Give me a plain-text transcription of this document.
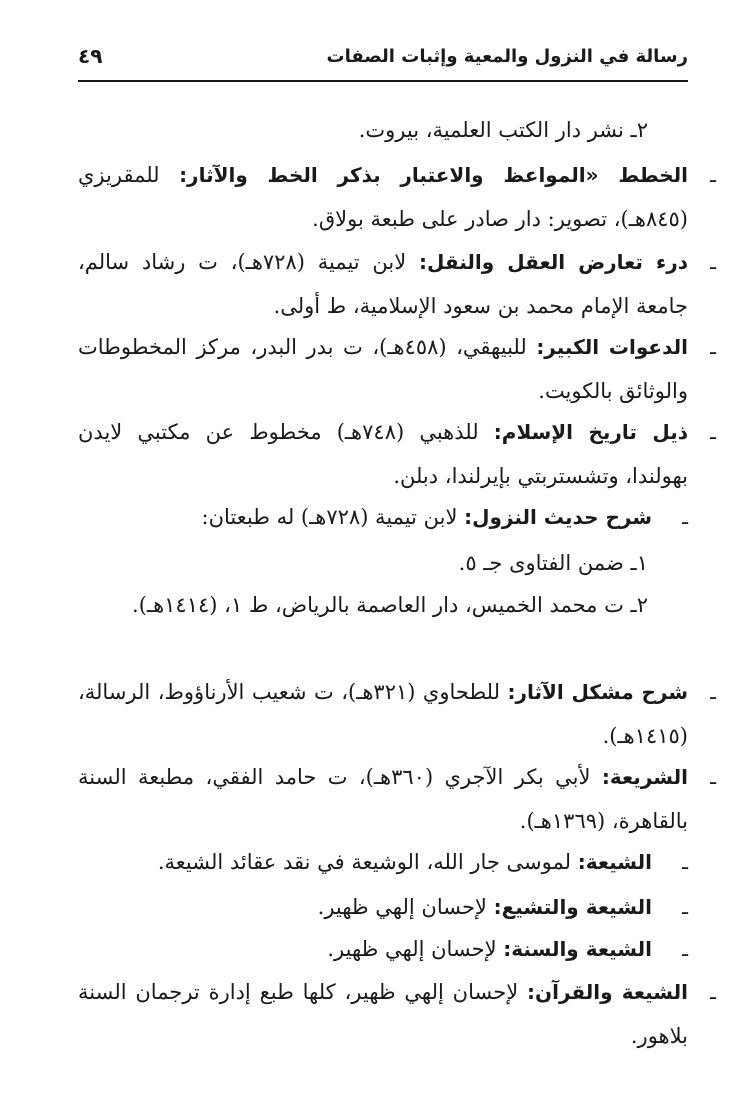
رسالة في النزول والمعية وإثبات الصفات
٤٩
٢ـ نشر دار الكتب العلمية، بيروت.
ـ
الخطط «المواعظ والاعتبار بذكر الخط والآثار: للمقريزي (٨٤٥هـ)، تصوير: دار صادر على طبعة بولاق.
ـ
درء تعارض العقل والنقل: لابن تيمية (٧٢٨هـ)، ت رشاد سالم، جامعة الإمام محمد بن سعود الإسلامية، ط أولى.
ـ
الدعوات الكبير: للبيهقي، (٤٥٨هـ)، ت بدر البدر، مركز المخطوطات والوثائق بالكويت.
ـ
ذيل تاريخ الإسلام: للذهبي (٧٤٨هـ) مخطوط عن مكتبي لايدن بهولندا، وتشستربتي بإيرلندا، دبلن.
ـ
شرح حديث النزول: لابن تيمية (٧٢٨هـ) له طبعتان:
١ـ ضمن الفتاوى جـ ٥.
٢ـ ت محمد الخميس، دار العاصمة بالرياض، ط ١، (١٤١٤هـ).
ـ
شرح مشكل الآثار: للطحاوي (٣٢١هـ)، ت شعيب الأرناؤوط، الرسالة، (١٤١٥هـ).
ـ
الشريعة: لأبي بكر الآجري (٣٦٠هـ)، ت حامد الفقي، مطبعة السنة بالقاهرة، (١٣٦٩هـ).
ـ
الشيعة: لموسى جار الله، الوشيعة في نقد عقائد الشيعة.
ـ
الشيعة والتشيع: لإحسان إلهي ظهير.
ـ
الشيعة والسنة: لإحسان إلهي ظهير.
ـ
الشيعة والقرآن: لإحسان إلهي ظهير، كلها طبع إدارة ترجمان السنة بلاهور.
